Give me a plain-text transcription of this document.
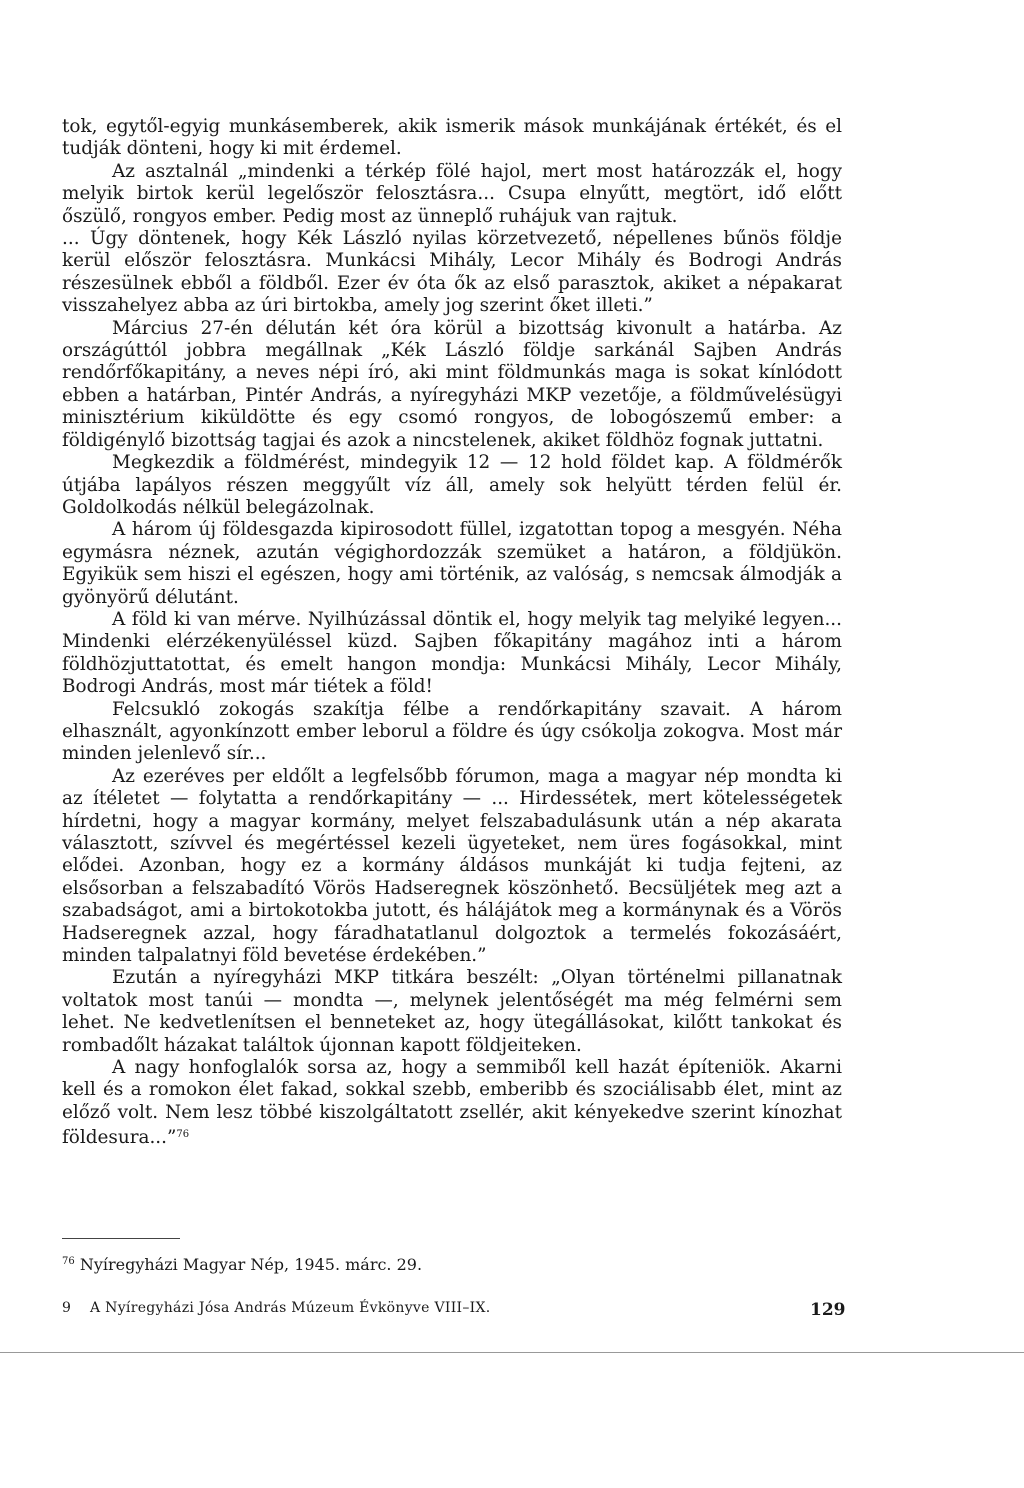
tok, egytől-egyig munkásemberek, akik ismerik mások munkájának értékét, és el tudják dönteni, hogy ki mit érdemel.

Az asztalnál „mindenki a térkép fölé hajol, mert most határozzák el, hogy melyik birtok kerül legelőször felosztásra... Csupa elnyűtt, megtört, idő előtt őszülő, rongyos ember. Pedig most az ünneplő ruhájuk van rajtuk.

... Úgy döntenek, hogy Kék László nyilas körzetvezető, népellenes bűnös földje kerül először felosztásra. Munkácsi Mihály, Lecor Mihály és Bodrogi András részesülnek ebből a földből. Ezer év óta ők az első parasztok, akiket a népakarat visszahelyez abba az úri birtokba, amely jog szerint őket illeti.”

Március 27-én délután két óra körül a bizottság kivonult a határba. Az országúttól jobbra megállnak „Kék László földje sarkánál Sajben András rendőrfőkapitány, a neves népi író, aki mint földmunkás maga is sokat kínlódott ebben a határban, Pintér András, a nyíregyházi MKP vezetője, a földművelésügyi minisztérium kiküldötte és egy csomó rongyos, de lobogószemű ember: a földigénylő bizottság tagjai és azok a nincstelenek, akiket földhöz fognak juttatni.

Megkezdik a földmérést, mindegyik 12 — 12 hold földet kap. A földmérők útjába lapályos részen meggyűlt víz áll, amely sok helyütt térden felül ér. Goldolkodás nélkül belegázolnak.

A három új földesgazda kipirosodott füllel, izgatottan topog a mesgyén. Néha egymásra néznek, azután végighordozzák szemüket a határon, a földjükön. Egyikük sem hiszi el egészen, hogy ami történik, az valóság, s nemcsak álmodják a gyönyörű délutánt.

A föld ki van mérve. Nyilhúzással döntik el, hogy melyik tag melyiké legyen... Mindenki elérzékenyüléssel küzd. Sajben főkapitány magához inti a három földhözjuttatottat, és emelt hangon mondja: Munkácsi Mihály, Lecor Mihály, Bodrogi András, most már tiétek a föld!

Felcsukló zokogás szakítja félbe a rendőrkapitány szavait. A három elhasznált, agyonkínzott ember leborul a földre és úgy csókolja zokogva. Most már minden jelenlevő sír...

Az ezeréves per eldőlt a legfelsőbb fórumon, maga a magyar nép mondta ki az ítéletet — folytatta a rendőrkapitány — ... Hirdessétek, mert kötelességetek hírdetni, hogy a magyar kormány, melyet felszabadulásunk után a nép akarata választott, szívvel és megértéssel kezeli ügyeteket, nem üres fogásokkal, mint elődei. Azonban, hogy ez a kormány áldásos munkáját ki tudja fejteni, az elsősorban a felszabadító Vörös Hadseregnek köszönhető. Becsüljétek meg azt a szabadságot, ami a birtokotokba jutott, és hálájátok meg a kormánynak és a Vörös Hadseregnek azzal, hogy fáradhatatlanul dolgoztok a termelés fokozásáért, minden talpalatnyi föld bevetése érdekében.”

Ezután a nyíregyházi MKP titkára beszélt: „Olyan történelmi pillanatnak voltatok most tanúi — mondta —, melynek jelentőségét ma még felmérni sem lehet. Ne kedvetlenítsen el benneteket az, hogy ütegállásokat, kilőtt tankokat és rombadőlt házakat találtok újonnan kapott földjeiteken.

A nagy honfoglalók sorsa az, hogy a semmiből kell hazát építeniök. Akarni kell és a romokon élet fakad, sokkal szebb, emberibb és szociálisabb élet, mint az előző volt. Nem lesz többé kiszolgáltatott zsellér, akit kényekedve szerint kínozhat földesura...”$^{76}$

$^{76}$ Nyíregyházi Magyar Nép, 1945. márc. 29.
9 A Nyíregyházi Jósa András Múzeum Évkönyve VIII–IX.	129
